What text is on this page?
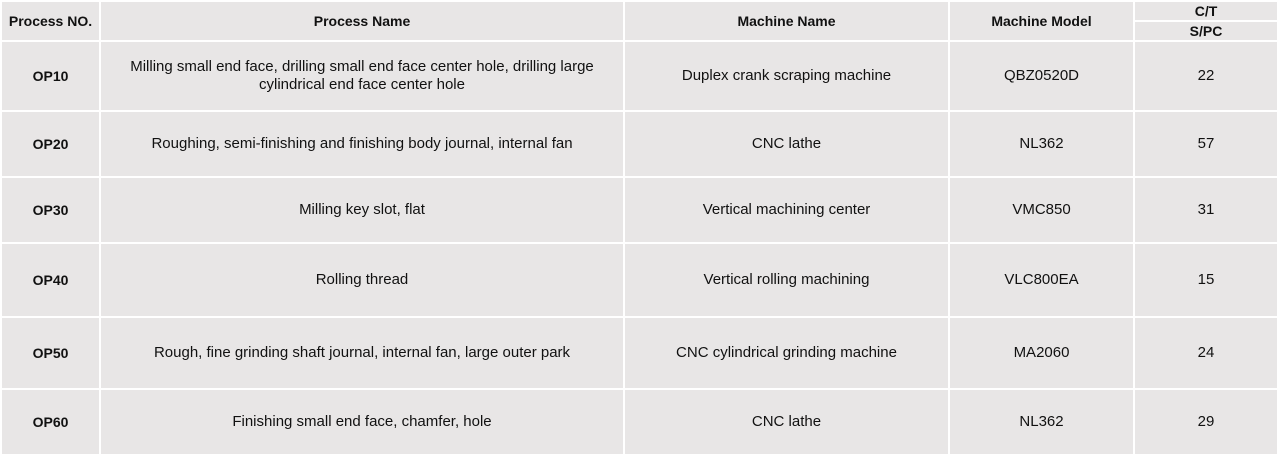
Process NO.	Process Name	Machine Name	Machine Model	C/T
				S/PC
OP10	Milling small end face, drilling small end face center hole, drilling large cylindrical end face center hole	Duplex crank scraping machine	QBZ0520D	22
OP20	Roughing, semi-finishing and finishing body journal, internal fan	CNC lathe	NL362	57
OP30	Milling key slot, flat	Vertical machining center	VMC850	31
OP40	Rolling thread	Vertical rolling machining	VLC800EA	15
OP50	Rough, fine grinding shaft journal, internal fan, large outer park	CNC cylindrical grinding machine	MA2060	24
OP60	Finishing small end face, chamfer, hole	CNC lathe	NL362	29
